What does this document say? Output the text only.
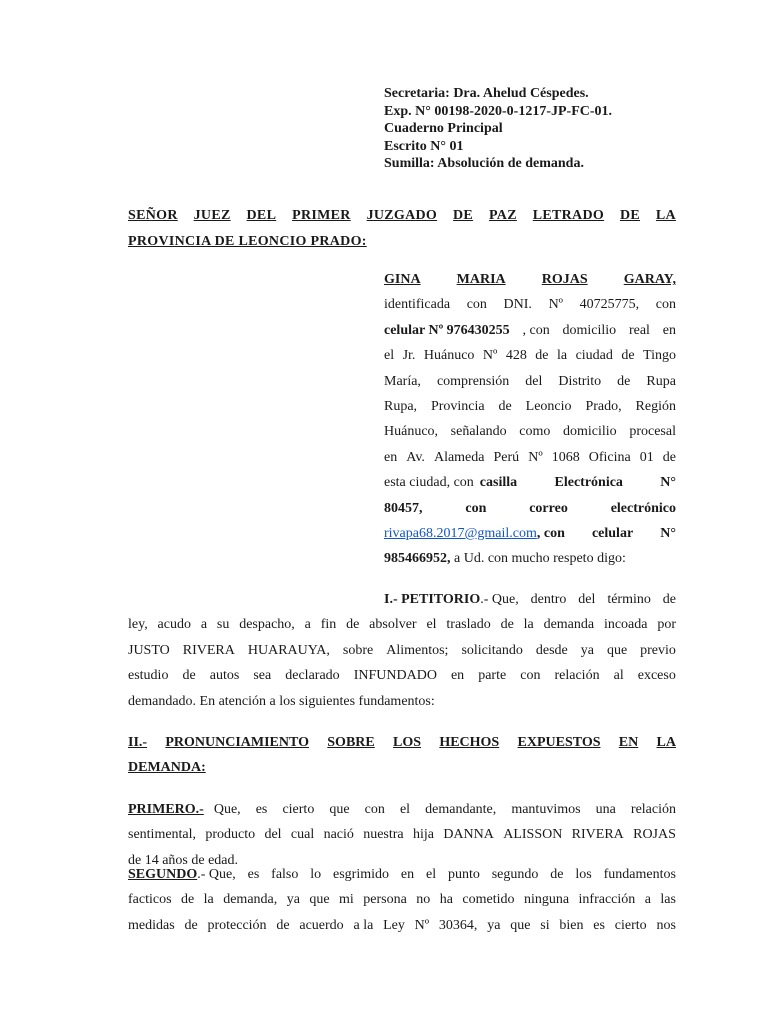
Secretaria: Dra. Ahelud Céspedes.
Exp. N° 00198-2020-0-1217-JP-FC-01.
Cuaderno Principal
Escrito N° 01
Sumilla: Absolución de demanda.
SEÑOR JUEZ DEL PRIMER JUZGADO DE PAZ LETRADO DE LA
PROVINCIA DE LEONCIO PRADO:
GINA	MARIA	ROJAS	GARAY,
identificada con DNI. Nº 40725775, con
celular Nº 976430255 , con domicilio real en
el Jr. Huánuco Nº 428 de la ciudad de Tingo
María, comprensión del Distrito de Rupa
Rupa, Provincia de Leoncio Prado, Región
Huánuco, señalando como domicilio procesal
en Av. Alameda Perú Nº 1068 Oficina 01 de
esta ciudad, con casilla	Electrónica	N°
80457,	con	correo	electrónico
rivapa68.2017@gmail.com , con celular N°
985466952, a Ud. con mucho respeto digo:
I.- PETITORIO .- Que, dentro del término de
ley, acudo a su despacho, a fin de absolver el traslado de la demanda incoada por
JUSTO RIVERA HUARAUYA, sobre Alimentos; solicitando desde ya que previo
estudio de autos sea declarado INFUNDADO en parte con relación al exceso
demandado. En atención a los siguientes fundamentos:
II.- PRONUNCIAMIENTO SOBRE LOS HECHOS EXPUESTOS EN LA
DEMANDA:
PRIMERO.- Que, es cierto que con el demandante, mantuvimos una relación
sentimental, producto del cual nació nuestra hija DANNA ALISSON RIVERA ROJAS
de 14 años de edad.
SEGUNDO .- Que, es falso lo esgrimido en el punto segundo de los fundamentos
facticos de la demanda, ya que mi persona no ha cometido ninguna infracción a las
medidas de protección de acuerdo a la Ley Nº 30364, ya que si bien es cierto nos
